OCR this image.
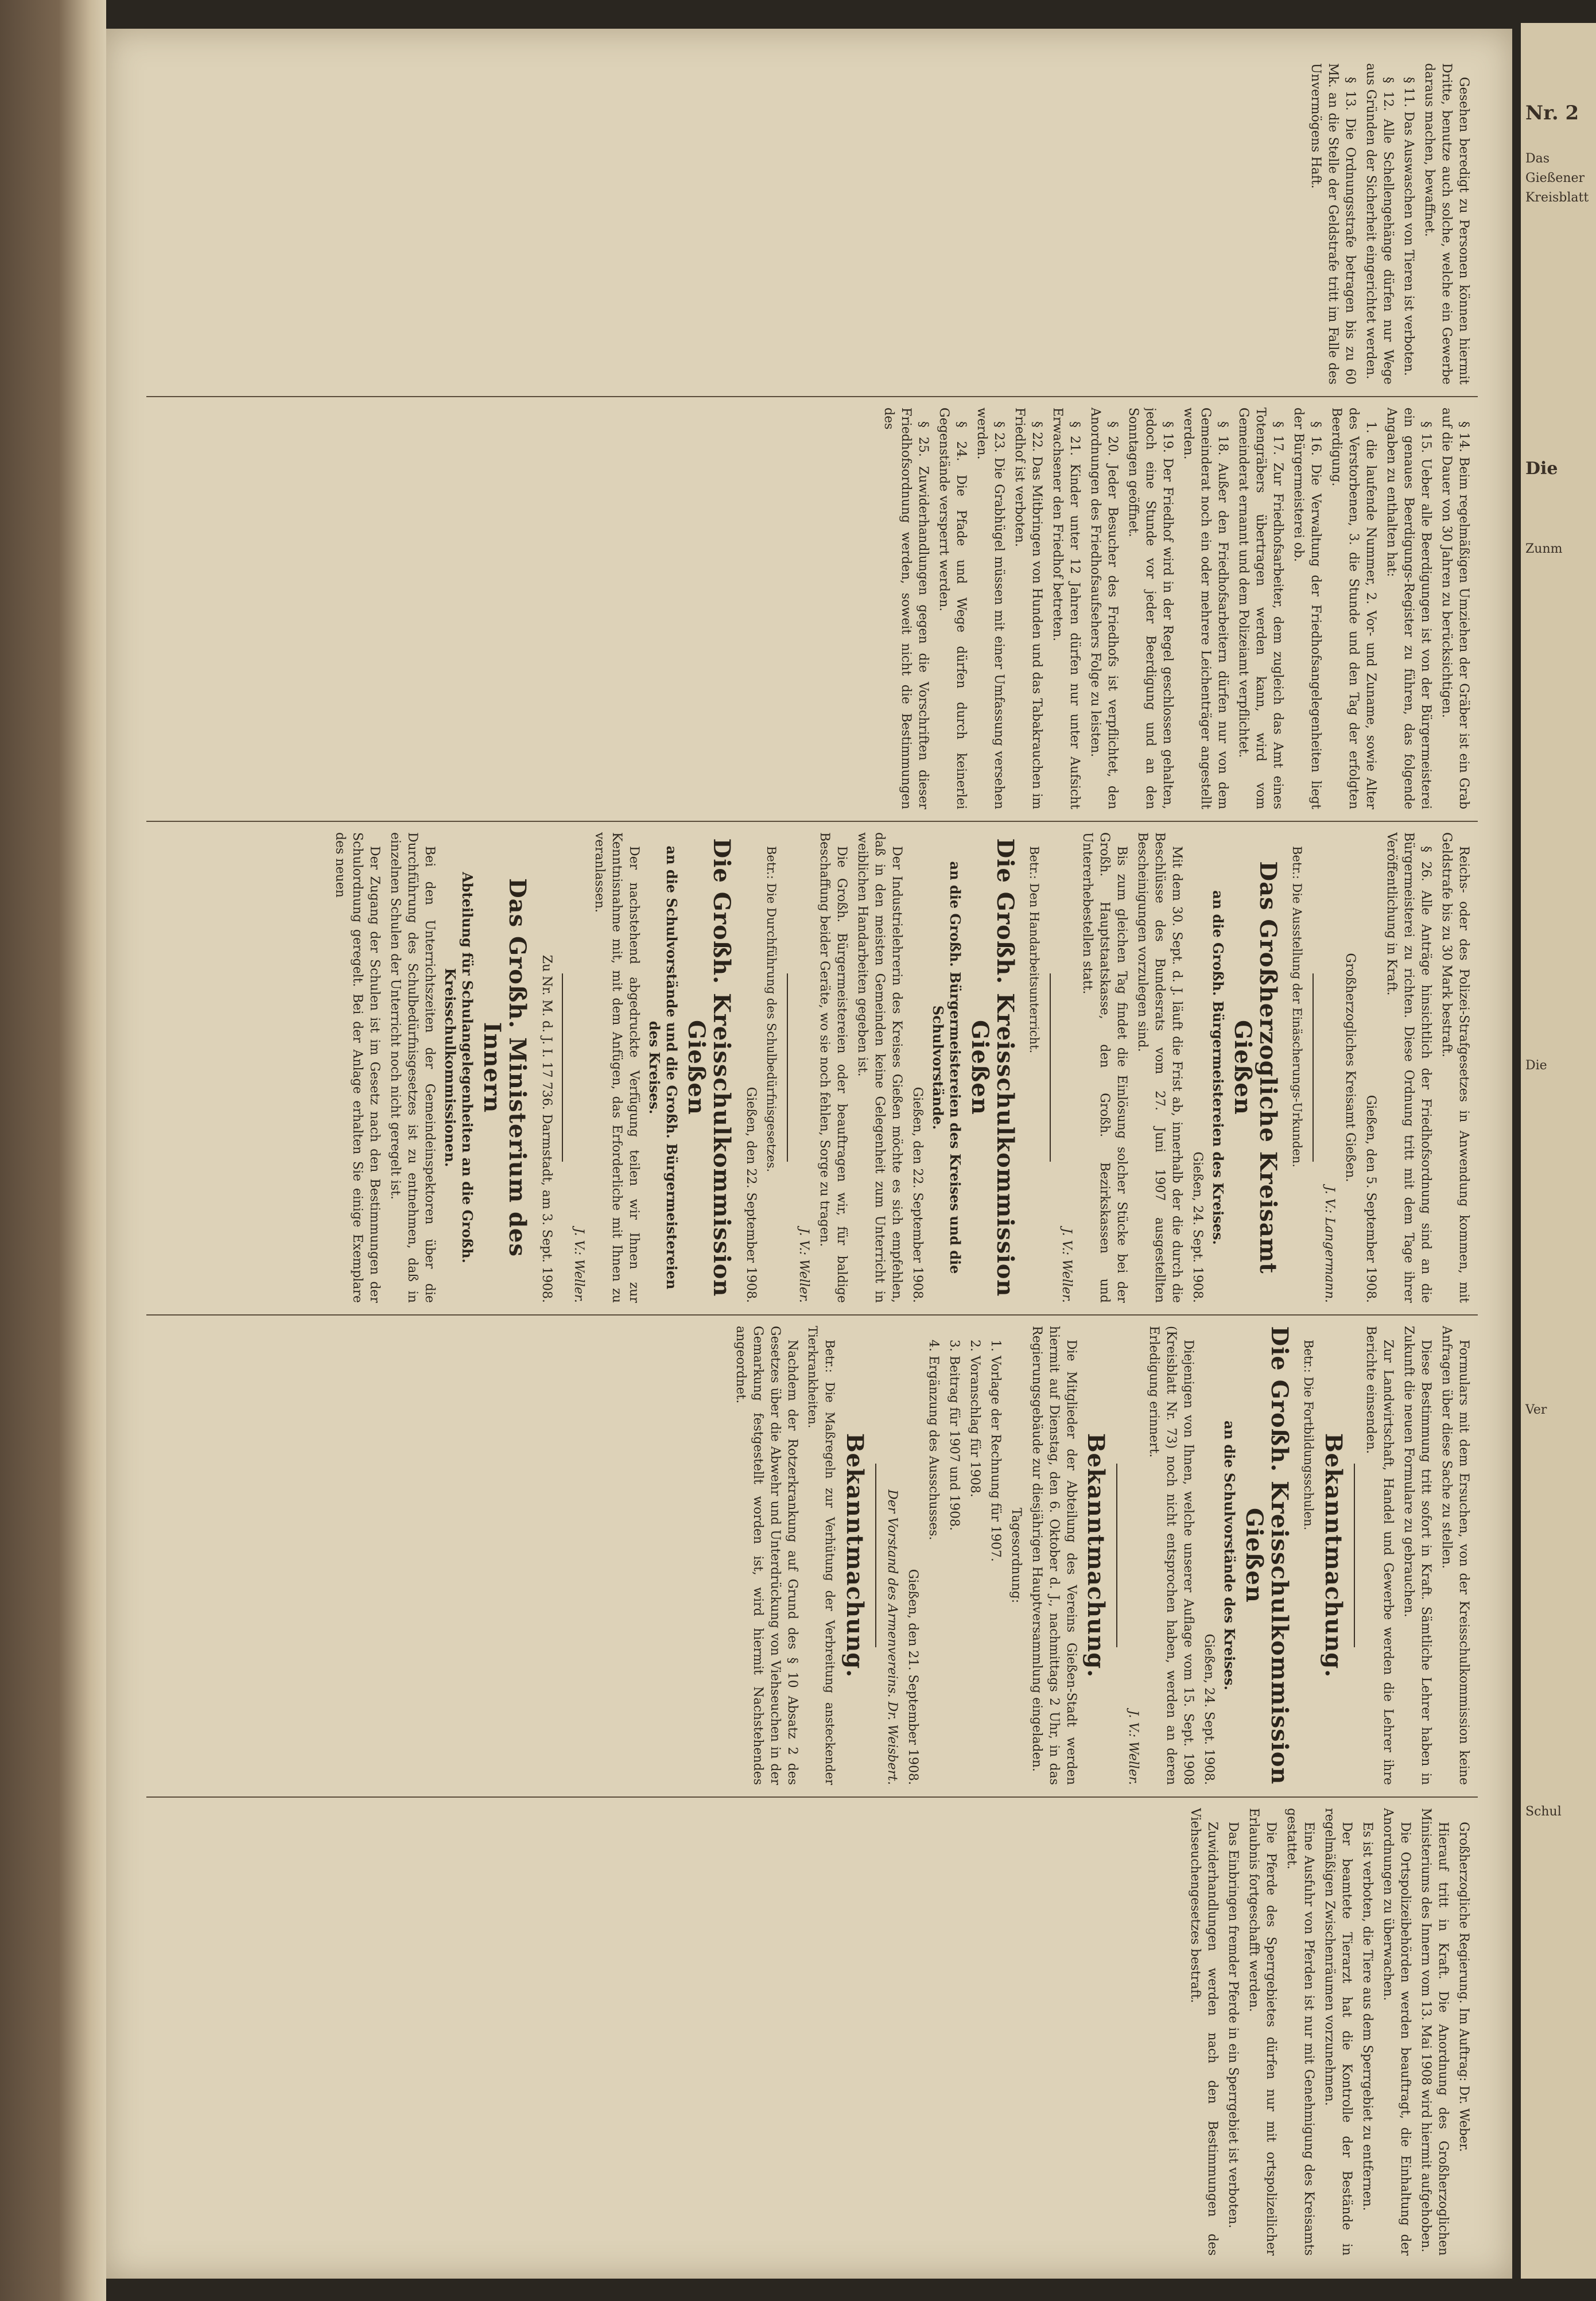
Gesehen beredigt zu Personen können hiermit Dritte, benutze auch solche, welche ein Gewerbe daraus machen, bewaffnet.

§ 11. Das Auswaschen von Tieren ist verboten.

§ 12. Alle Schellengehänge dürfen nur Wege aus Gründen der Sicherheit eingerichtet werden.

§ 13. Die Ordnungsstrafe betragen bis zu 60 Mk. an die Stelle der Geldstrafe tritt im Falle des Unvermögens Haft.

§ 14. Beim regelmäßigen Umziehen der Gräber ist ein Grab auf die Dauer von 30 Jahren zu berücksichtigen.

§ 15. Ueber alle Beerdigungen ist von der Bürgermeisterei ein genaues Beerdigungs-Register zu führen, das folgende Angaben zu enthalten hat:

1. die laufende Nummer, 2. Vor- und Zuname, sowie Alter des Verstorbenen, 3. die Stunde und den Tag der erfolgten Beerdigung.

§ 16. Die Verwaltung der Friedhofsangelegenheiten liegt der Bürgermeisterei ob.

§ 17. Zur Friedhofsarbeiter, dem zugleich das Amt eines Totengräbers übertragen werden kann, wird vom Gemeinderat ernannt und dem Polizeiamt verpflichtet.

§ 18. Außer den Friedhofsarbeitern dürfen nur von dem Gemeinderat noch ein oder mehrere Leichenträger angestellt werden.

§ 19. Der Friedhof wird in der Regel geschlossen gehalten, jedoch eine Stunde vor jeder Beerdigung und an den Sonntagen geöffnet.

§ 20. Jeder Besucher des Friedhofs ist verpflichtet, den Anordnungen des Friedhofsaufsehers Folge zu leisten.

§ 21. Kinder unter 12 Jahren dürfen nur unter Aufsicht Erwachsener den Friedhof betreten.

§ 22. Das Mitbringen von Hunden und das Tabakrauchen im Friedhof ist verboten.

§ 23. Die Grabhügel müssen mit einer Umfassung versehen werden.

§ 24. Die Pfade und Wege dürfen durch keinerlei Gegenstände versperrt werden.

§ 25. Zuwiderhandlungen gegen die Vorschriften dieser Friedhofsordnung werden, soweit nicht die Bestimmungen des

Reichs- oder des Polizei-Strafgesetzes in Anwendung kommen, mit Geldstrafe bis zu 30 Mark bestraft.

§ 26. Alle Anträge hinsichtlich der Friedhofsordnung sind an die Bürgermeisterei zu richten. Diese Ordnung tritt mit dem Tage ihrer Veröffentlichung in Kraft.

Gießen, den 5. September 1908.

Großherzogliches Kreisamt Gießen.

J. V.: Langermann.

Betr.: Die Ausstellung der Einäscherungs-Urkunden.

Das Großherzogliche Kreisamt Gießen
an die Großh. Bürgermeistereien des Kreises.

Gießen, 24. Sept. 1908.

Mit dem 30. Sept. d. J. läuft die Frist ab, innerhalb der die durch die Beschlüsse des Bundesrats vom 27. Juni 1907 ausgestellten Bescheinigungen vorzulegen sind.

Bis zum gleichen Tag findet die Einlösung solcher Stücke bei der Großh. Hauptstaatskasse, den Großh. Bezirkskassen und Untererhebestellen statt.

J. V.: Weller.

Betr.: Den Handarbeitsunterricht.

Die Großh. Kreisschulkommission Gießen
an die Großh. Bürgermeistereien des Kreises und die Schulvorstände.

Gießen, den 22. September 1908.

Der Industrielehrerin des Kreises Gießen möchte es sich empfehlen, daß in den meisten Gemeinden keine Gelegenheit zum Unterricht in weiblichen Handarbeiten gegeben ist.

Die Großh. Bürgermeistereien oder beauftragen wir, für baldige Beschaffung beider Geräte, wo sie noch fehlen, Sorge zu tragen.

J. V.: Weller.

Betr.: Die Durchführung des Schulbedürfnisgesetzes.

Gießen, den 22. September 1908.

Die Großh. Kreisschulkommission Gießen
an die Schulvorstände und die Großh. Bürgermeistereien des Kreises.

Der nachstehend abgedruckte Verfügung teilen wir Ihnen zur Kenntnisnahme mit, mit dem Anfügen, das Erforderliche mit Ihnen zu veranlassen.

J. V.: Weller.

Zu Nr. M. d. J. I. 17 736. Darmstadt, am 3. Sept. 1908.

Das Großh. Ministerium des Innern
Abteilung für Schulangelegenheiten an die Großh. Kreisschulkommissionen.

Bei den Unterrichtszeiten der Gemeindeinspektoren über die Durchführung des Schulbedürfnisgesetzes ist zu entnehmen, daß in einzelnen Schulen der Unterricht noch nicht geregelt ist.

Der Zugang der Schulen ist im Gesetz nach den Bestimmungen der Schulordnung geregelt. Bei der Anlage erhalten Sie einige Exemplare des neuen

Formulars mit dem Ersuchen, von der Kreisschulkommission keine Anfragen über diese Sache zu stellen.

Diese Bestimmung tritt sofort in Kraft. Sämtliche Lehrer haben in Zukunft die neuen Formulare zu gebrauchen.

Zur Landwirtschaft, Handel und Gewerbe werden die Lehrer ihre Berichte einsenden.

Bekanntmachung.

Betr.: Die Fortbildungsschulen.

Die Großh. Kreisschulkommission Gießen
an die Schulvorstände des Kreises.

Gießen, 24. Sept. 1908.

Diejenigen von Ihnen, welche unserer Auflage vom 15. Sept. 1908 (Kreisblatt Nr. 73) noch nicht entsprochen haben, werden an deren Erledigung erinnert.

J. V.: Weller.

Bekanntmachung.

Die Mitglieder der Abteilung des Vereins Gießen-Stadt werden hiermit auf Dienstag, den 6. Oktober d. J., nachmittags 2 Uhr, in das Regierungsgebäude zur diesjährigen Hauptversammlung eingeladen.

Tagesordnung:

1. Vorlage der Rechnung für 1907.

2. Voranschlag für 1908.

3. Beitrag für 1907 und 1908.

4. Ergänzung des Ausschusses.

Gießen, den 21. September 1908.

Der Vorstand des Armenvereins. Dr. Weisbert.

Bekanntmachung.

Betr.: Die Maßregeln zur Verhütung der Verbreitung ansteckender Tierkrankheiten.

Nachdem der Rotzerkrankung auf Grund des § 10 Absatz 2 des Gesetzes über die Abwehr und Unterdrückung von Viehseuchen in der Gemarkung festgestellt worden ist, wird hiermit Nachstehendes angeordnet.

Großherzogliche Regierung. Im Auftrag: Dr. Weber.

Hierauf tritt in Kraft. Die Anordnung des Großherzoglichen Ministeriums des Innern vom 13. Mai 1908 wird hiermit aufgehoben.

Die Ortspolizeibehörden werden beauftragt, die Einhaltung der Anordnungen zu überwachen.

Es ist verboten, die Tiere aus dem Sperrgebiet zu entfernen.

Der beamtete Tierarzt hat die Kontrolle der Bestände in regelmäßigen Zwischenräumen vorzunehmen.

Eine Ausfuhr von Pferden ist nur mit Genehmigung des Kreisamts gestattet.

Die Pferde des Sperrgebietes dürfen nur mit ortspolizeilicher Erlaubnis fortgeschafft werden.

Das Einbringen fremder Pferde in ein Sperrgebiet ist verboten.

Zuwiderhandlungen werden nach den Bestimmungen des Viehseuchengesetzes bestraft.

Nr. 2
Das Gießener Kreisblatt
Die
Zunm
Die
Ver
Schul
